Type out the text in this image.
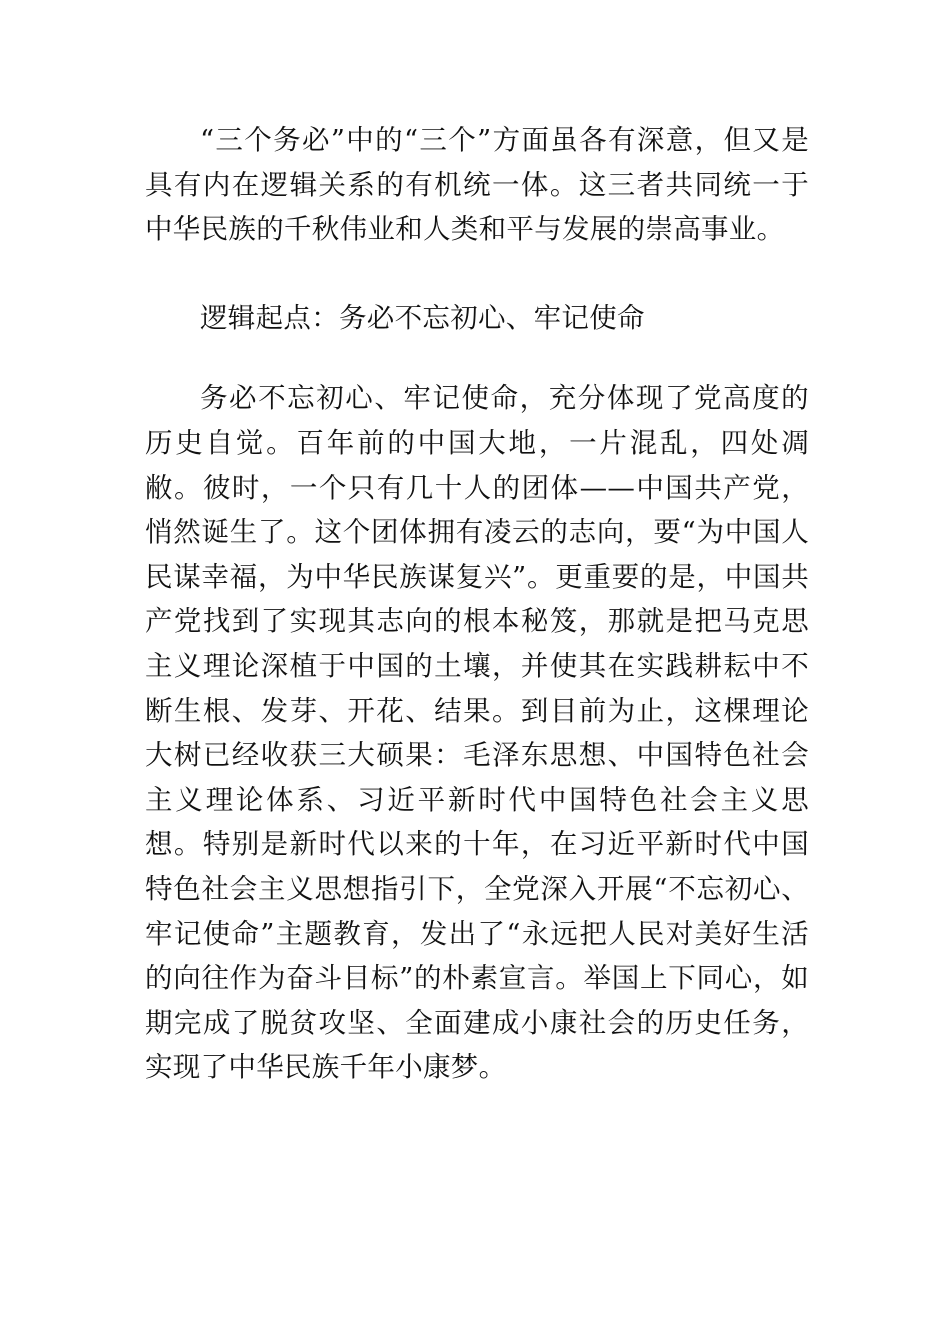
“三个务必”中的“三个”方面虽各有深意，但又是具有内在逻辑关系的有机统一体。这三者共同统一于中华民族的千秋伟业和人类和平与发展的崇高事业。

逻辑起点：务必不忘初心、牢记使命

务必不忘初心、牢记使命，充分体现了党高度的历史自觉。百年前的中国大地，一片混乱，四处凋敝。彼时，一个只有几十人的团体——中国共产党，悄然诞生了。这个团体拥有凌云的志向，要“为中国人民谋幸福，为中华民族谋复兴”。更重要的是，中国共产党找到了实现其志向的根本秘笈，那就是把马克思主义理论深植于中国的土壤，并使其在实践耕耘中不断生根、发芽、开花、结果。到目前为止，这棵理论大树已经收获三大硕果：毛泽东思想、中国特色社会主义理论体系、习近平新时代中国特色社会主义思想。特别是新时代以来的十年，在习近平新时代中国特色社会主义思想指引下，全党深入开展“不忘初心、牢记使命”主题教育，发出了“永远把人民对美好生活的向往作为奋斗目标”的朴素宣言。举国上下同心，如期完成了脱贫攻坚、全面建成小康社会的历史任务，实现了中华民族千年小康梦。
